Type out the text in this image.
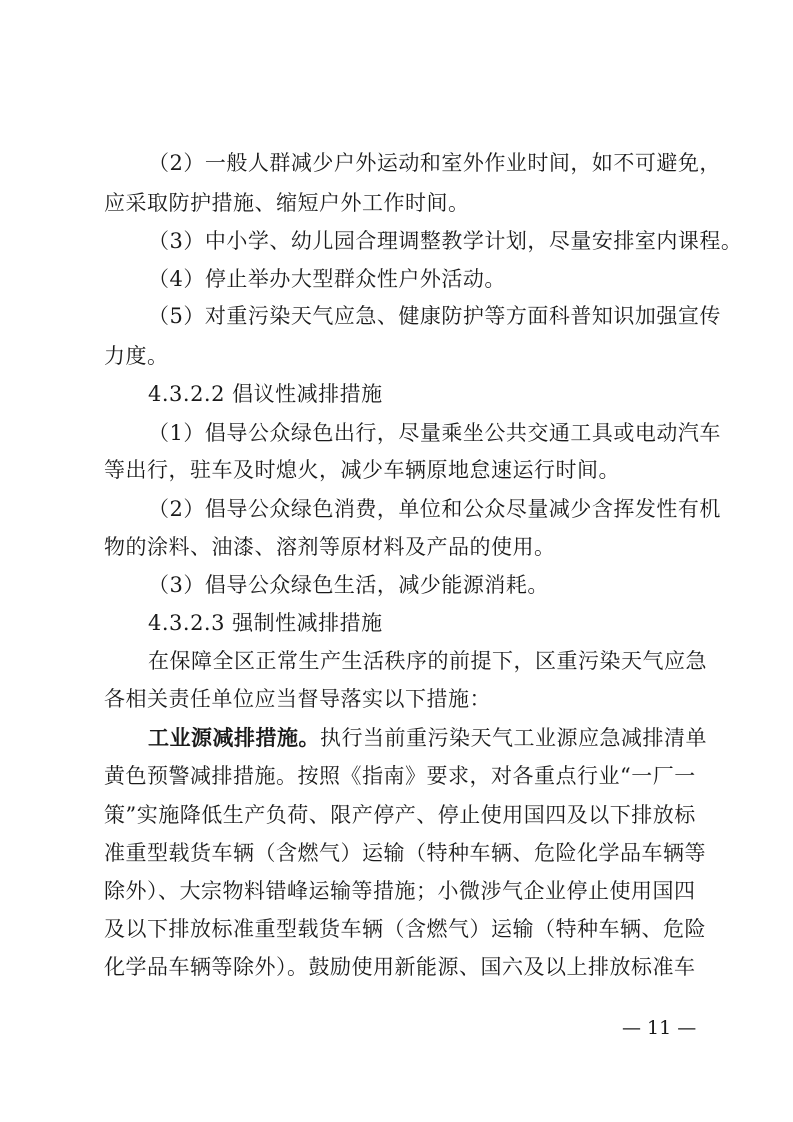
（2）一般人群减少户外运动和室外作业时间，如不可避免，
应采取防护措施、缩短户外工作时间。
（3）中小学、幼儿园合理调整教学计划，尽量安排室内课程。
（4）停止举办大型群众性户外活动。
（5）对重污染天气应急、健康防护等方面科普知识加强宣传
力度。
4.3.2.2 倡议性减排措施
（1）倡导公众绿色出行，尽量乘坐公共交通工具或电动汽车
等出行，驻车及时熄火，减少车辆原地怠速运行时间。
（2）倡导公众绿色消费，单位和公众尽量减少含挥发性有机
物的涂料、油漆、溶剂等原材料及产品的使用。
（3）倡导公众绿色生活，减少能源消耗。
4.3.2.3 强制性减排措施
在保障全区正常生产生活秩序的前提下，区重污染天气应急
各相关责任单位应当督导落实以下措施：
工业源减排措施。执行当前重污染天气工业源应急减排清单
黄色预警减排措施。按照《指南》要求，对各重点行业“一厂一
策”实施降低生产负荷、限产停产、停止使用国四及以下排放标
准重型载货车辆（含燃气）运输（特种车辆、危险化学品车辆等
除外）、大宗物料错峰运输等措施；小微涉气企业停止使用国四
及以下排放标准重型载货车辆（含燃气）运输（特种车辆、危险
化学品车辆等除外）。鼓励使用新能源、国六及以上排放标准车
— 11 —
